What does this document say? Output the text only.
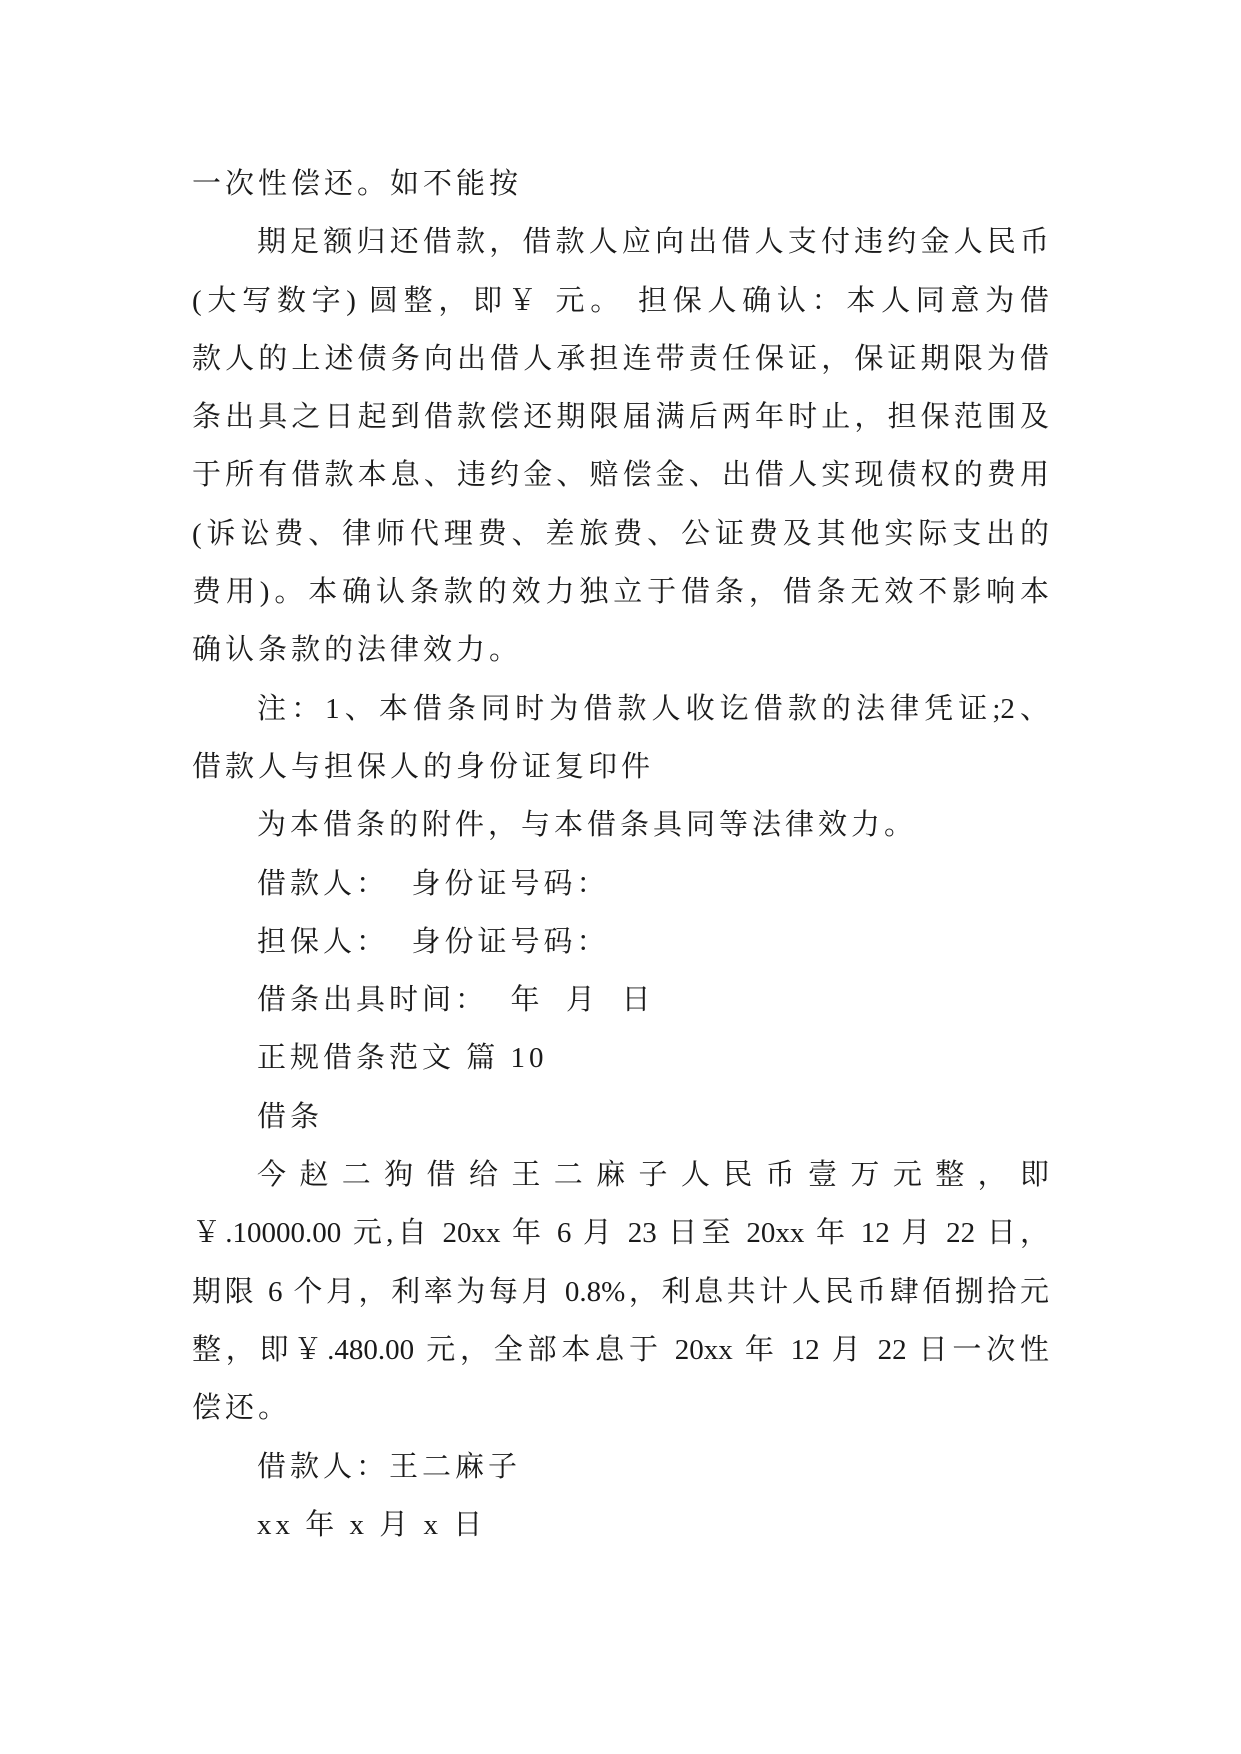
一次性偿还。如不能按
期足额归还借款，借款人应向出借人支付违约金人民币
(大写数字) 圆整，即￥ 元。 担保人确认：本人同意为借
款人的上述债务向出借人承担连带责任保证，保证期限为借
条出具之日起到借款偿还期限届满后两年时止，担保范围及
于所有借款本息、违约金、赔偿金、出借人实现债权的费用
(诉讼费、律师代理费、差旅费、公证费及其他实际支出的
费用)。本确认条款的效力独立于借条，借条无效不影响本
确认条款的法律效力。
注：1、本借条同时为借款人收讫借款的法律凭证;2、
借款人与担保人的身份证复印件
为本借条的附件，与本借条具同等法律效力。
借款人：  身份证号码：
担保人：  身份证号码：
借条出具时间：  年  月  日
正规借条范文 篇 10
借条
今赵二狗借给王二麻子人民币壹万元整，即
￥.10000.00 元,自 20xx 年 6 月 23 日至 20xx 年 12 月 22 日，
期限 6 个月，利率为每月 0.8%，利息共计人民币肆佰捌拾元
整，即￥.480.00 元，全部本息于 20xx 年 12 月 22 日一次性
偿还。
借款人：王二麻子
xx 年 x 月 x 日
